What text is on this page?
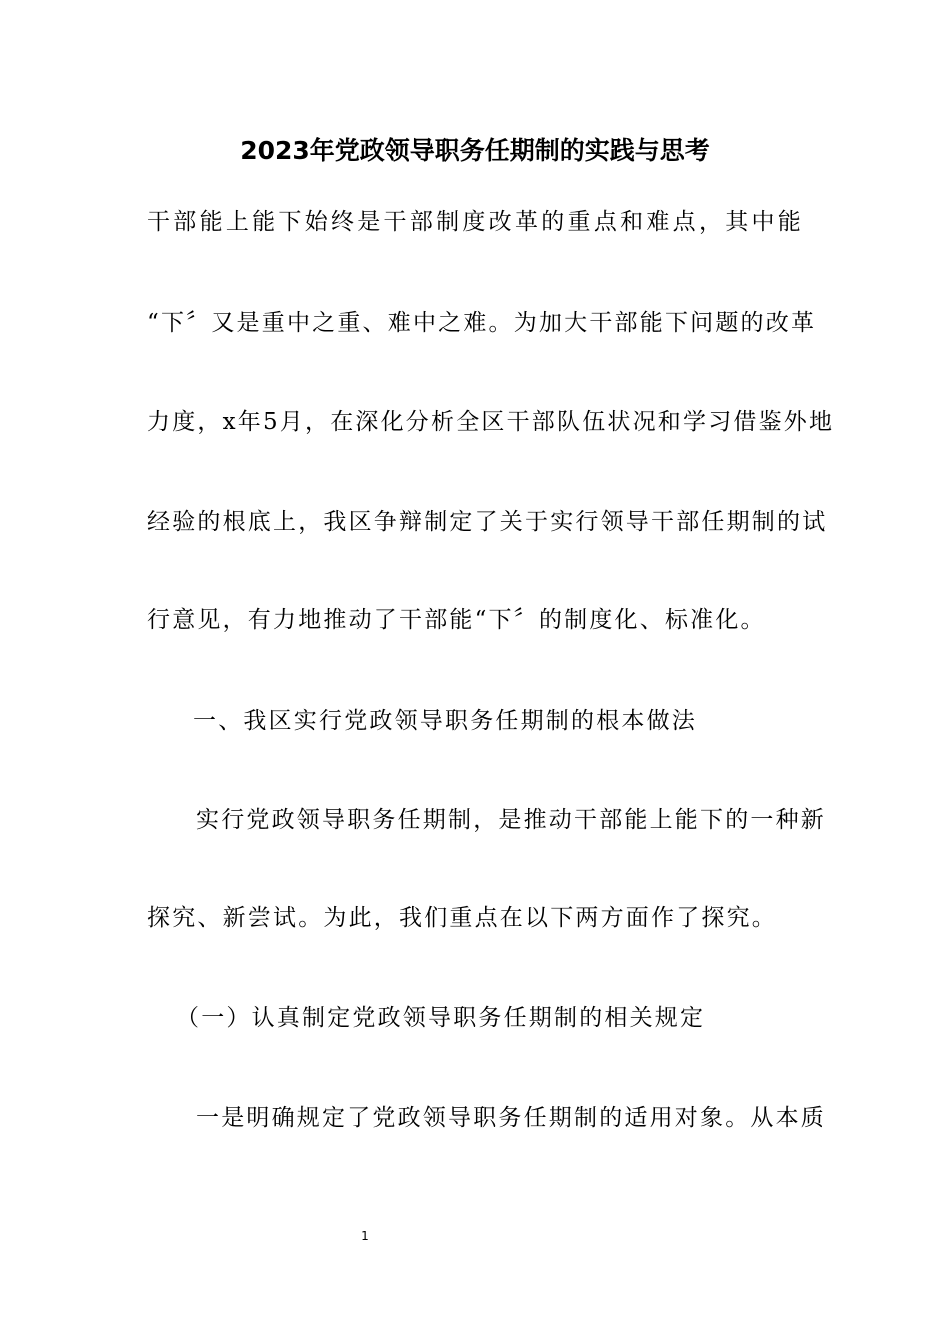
2023年党政领导职务任期制的实践与思考
干部能上能下始终是干部制度改革的重点和难点，其中能
“下〞又是重中之重、难中之难。为加大干部能下问题的改革
力度，x年5月，在深化分析全区干部队伍状况和学习借鉴外地
经验的根底上，我区争辩制定了关于实行领导干部任期制的试
行意见，有力地推动了干部能“下〞的制度化、标准化。
一、我区实行党政领导职务任期制的根本做法
实行党政领导职务任期制，是推动干部能上能下的一种新
探究、新尝试。为此，我们重点在以下两方面作了探究。
（一）认真制定党政领导职务任期制的相关规定
一是明确规定了党政领导职务任期制的适用对象。从本质
1
